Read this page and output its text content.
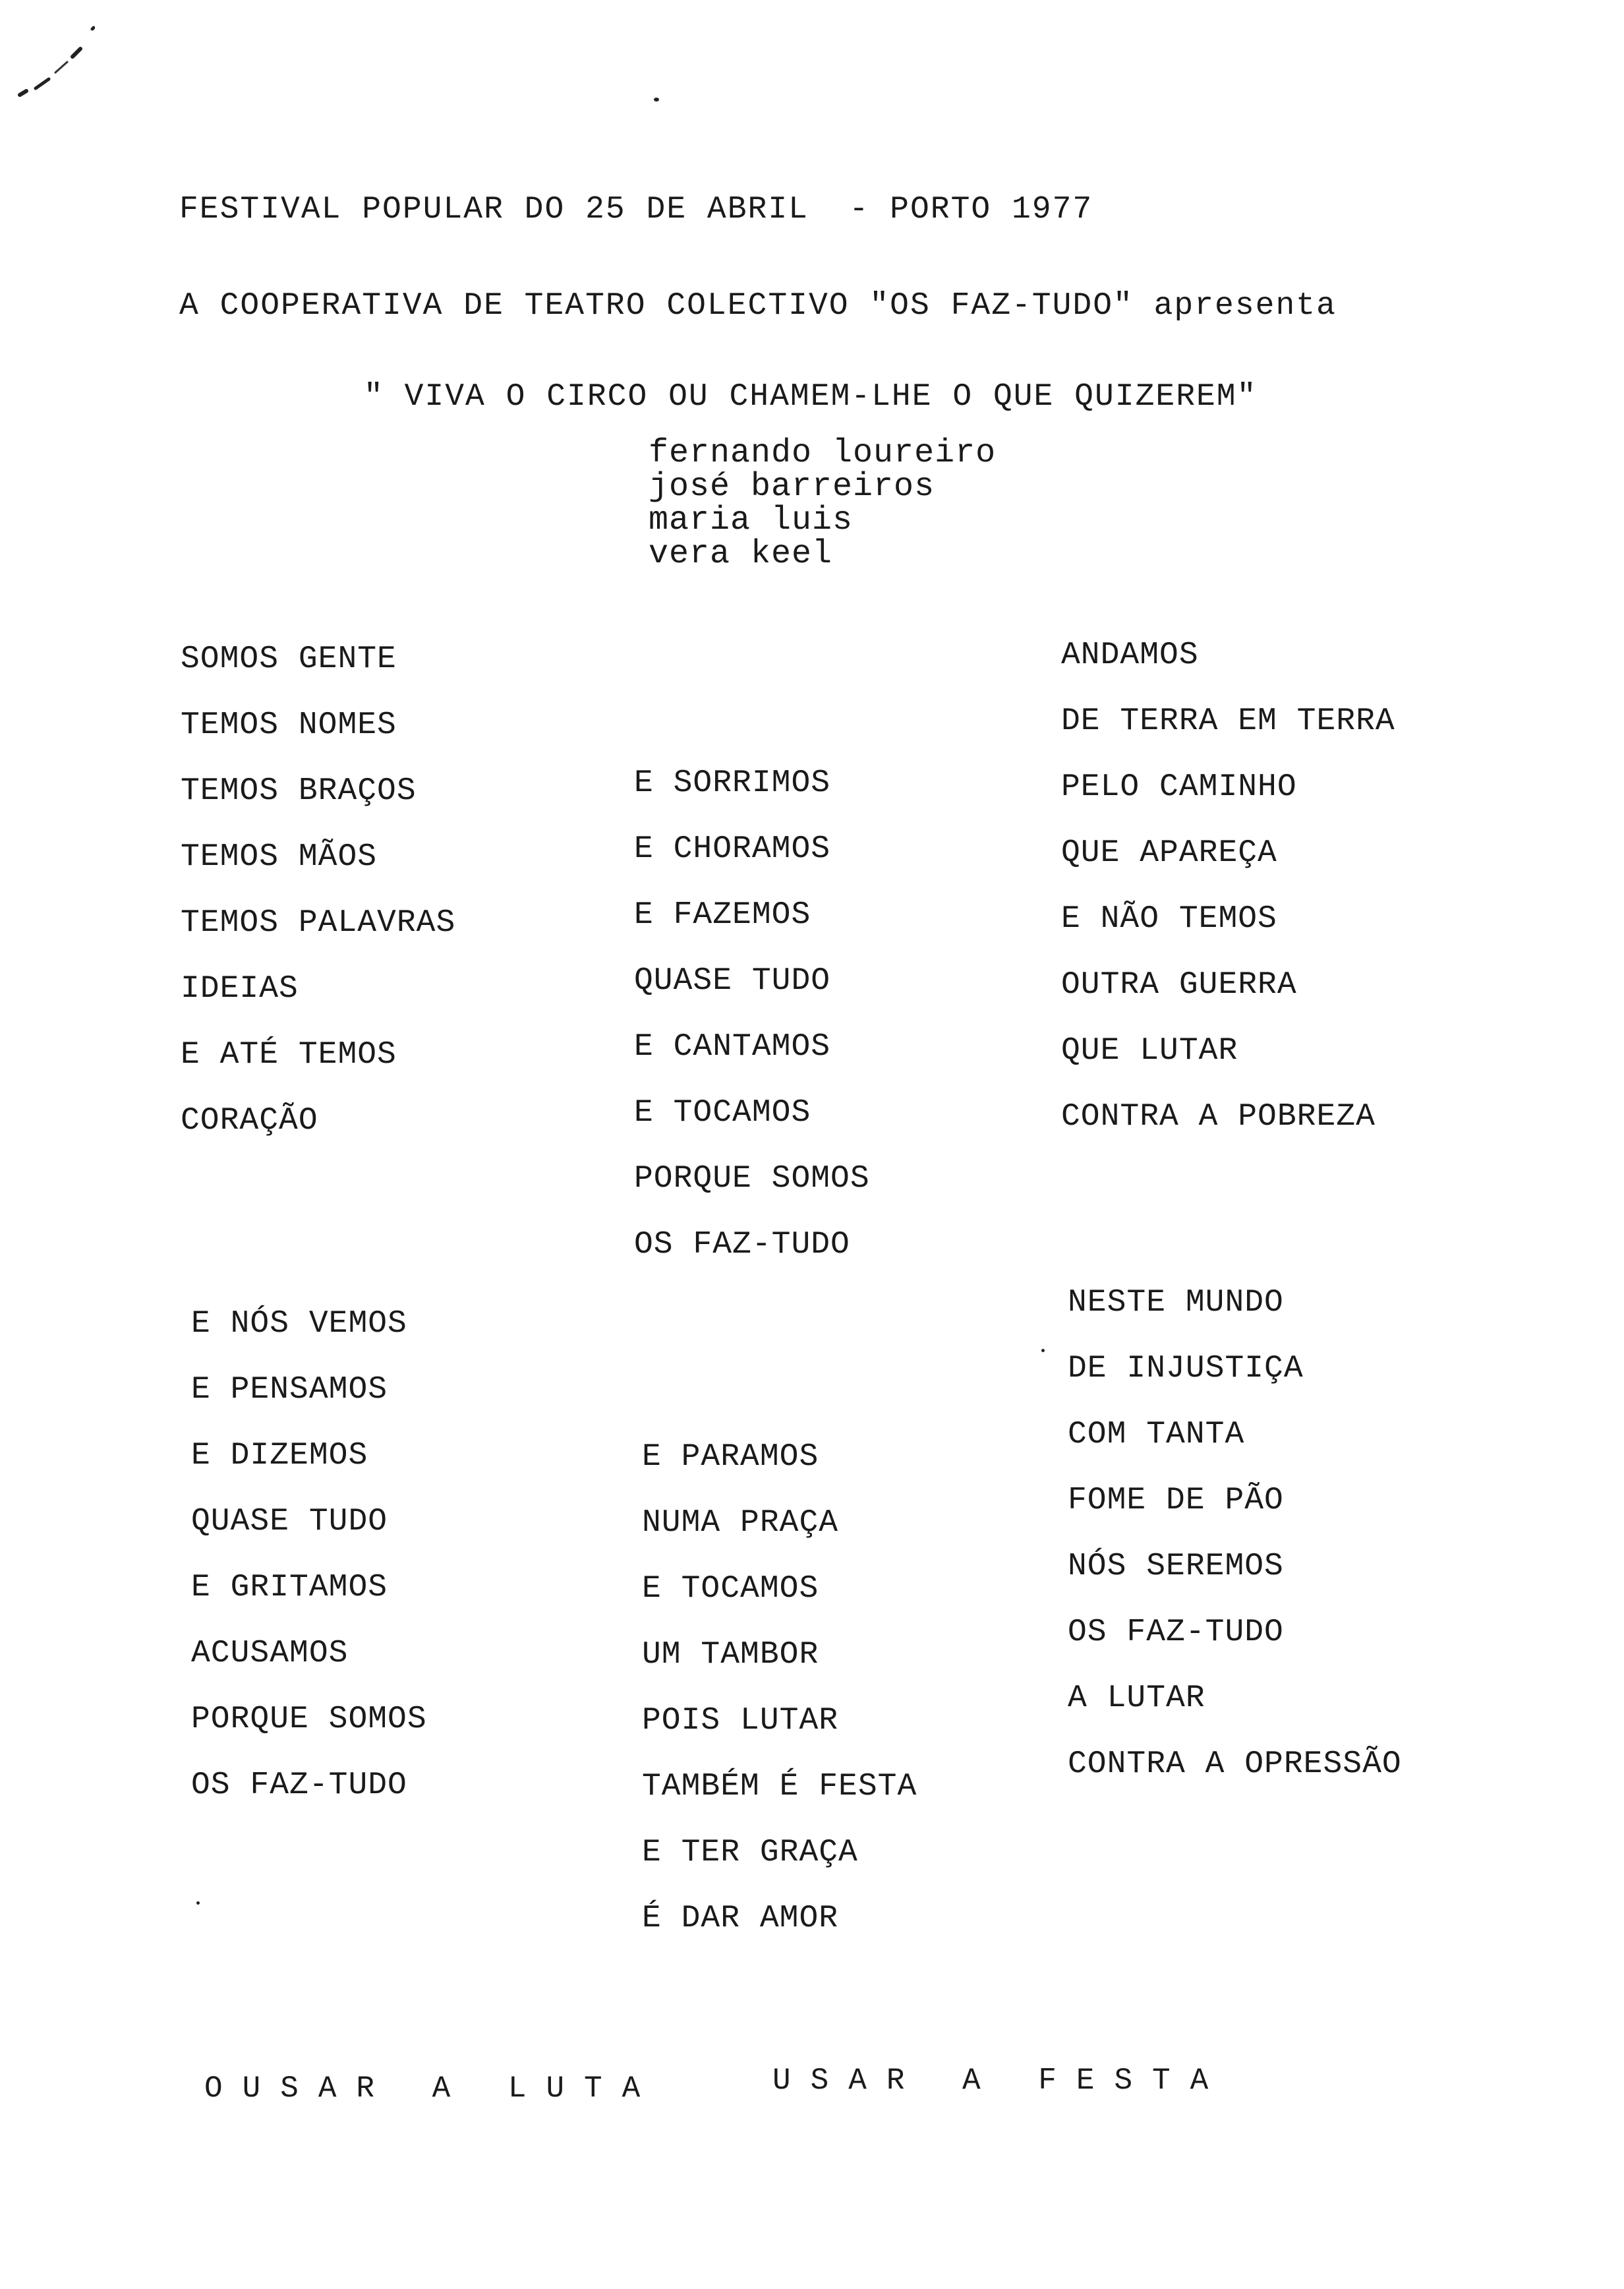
FESTIVAL POPULAR DO 25 DE ABRIL  - PORTO 1977
A COOPERATIVA DE TEATRO COLECTIVO "OS FAZ-TUDO" apresenta
" VIVA O CIRCO OU CHAMEM-LHE O QUE QUIZEREM"
fernando loureiro
josé barreiros
maria luis
vera keel
SOMOS GENTE
TEMOS NOMES
TEMOS BRAÇOS
TEMOS MÃOS
TEMOS PALAVRAS
IDEIAS
E ATÉ TEMOS
CORAÇÃO
E SORRIMOS
E CHORAMOS
E FAZEMOS
QUASE TUDO
E CANTAMOS
E TOCAMOS
PORQUE SOMOS
OS FAZ-TUDO
ANDAMOS
DE TERRA EM TERRA
PELO CAMINHO
QUE APAREÇA
E NÃO TEMOS
OUTRA GUERRA
QUE LUTAR
CONTRA A POBREZA
E NÓS VEMOS
E PENSAMOS
E DIZEMOS
QUASE TUDO
E GRITAMOS
ACUSAMOS
PORQUE SOMOS
OS FAZ-TUDO
E PARAMOS
NUMA PRAÇA
E TOCAMOS
UM TAMBOR
POIS LUTAR
TAMBÉM É FESTA
E TER GRAÇA
É DAR AMOR
NESTE MUNDO
DE INJUSTIÇA
COM TANTA
FOME DE PÃO
NÓS SEREMOS
OS FAZ-TUDO
A LUTAR
CONTRA A OPRESSÃO
OUSAR A LUTA	USAR A FESTA
